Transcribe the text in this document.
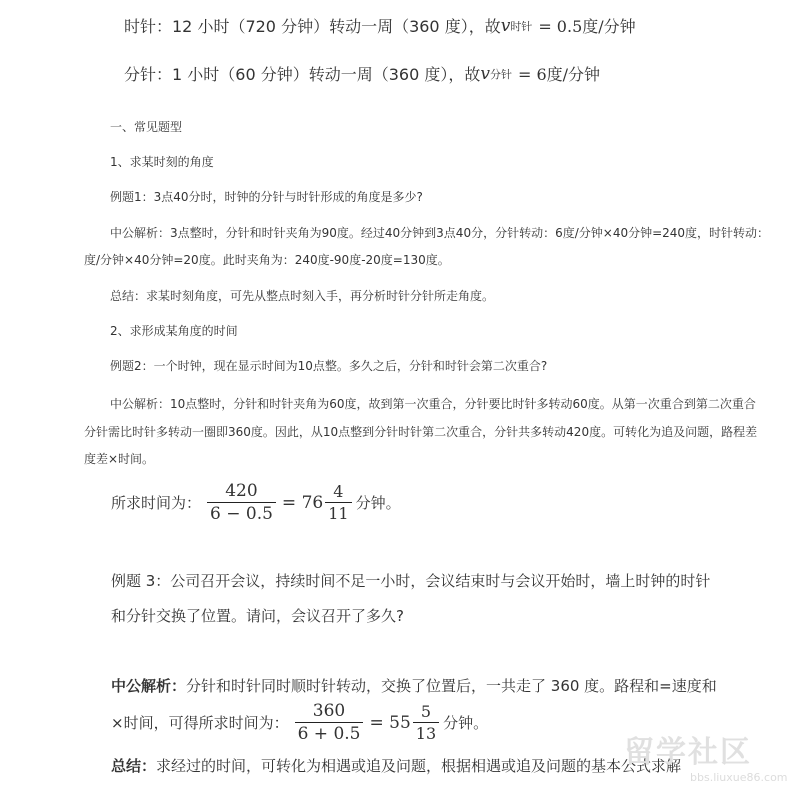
时针：12 小时（720 分钟）转动一周（360 度），故 v 时针 = 0.5度/分钟
分针：1 小时（60 分钟）转动一周（360 度），故 v 分针 = 6度/分钟
一、常见题型
1、求某时刻的角度
例题1：3点40分时，时钟的分针与时针形成的角度是多少?
中公解析：3点整时，分针和时针夹角为90度。经过40分钟到3点40分，分针转动：6度/分钟×40分钟=240度，时针转动：
度/分钟×40分钟=20度。此时夹角为：240度-90度-20度=130度。
总结：求某时刻角度，可先从整点时刻入手，再分析时针分针所走角度。
2、求形成某角度的时间
例题2：一个时钟，现在显示时间为10点整。多久之后，分针和时针会第二次重合?
中公解析：10点整时，分针和时针夹角为60度，故到第一次重合，分针要比时针多转动60度。从第一次重合到第二次重合
分针需比时针多转动一圈即360度。因此，从10点整到分针时针第二次重合，分针共多转动420度。可转化为追及问题，路程差
度差×时间。
所求时间为： $\frac{420}{6 - 0.5} = 76 \frac{4}{11}$ 分钟。
例题 3：公司召开会议，持续时间不足一小时，会议结束时与会议开始时，墙上时钟的时针
和分针交换了位置。请问，会议召开了多久?
中公解析：分针和时针同时顺时针转动，交换了位置后，一共走了 360 度。路程和=速度和
×时间，可得所求时间为： $\frac{360}{6 + 0.5} = 55 \frac{5}{13}$ 分钟。
总结：求经过的时间，可转化为相遇或追及问题，根据相遇或追及问题的基本公式求解
留学社区
bbs.liuxue86.com
